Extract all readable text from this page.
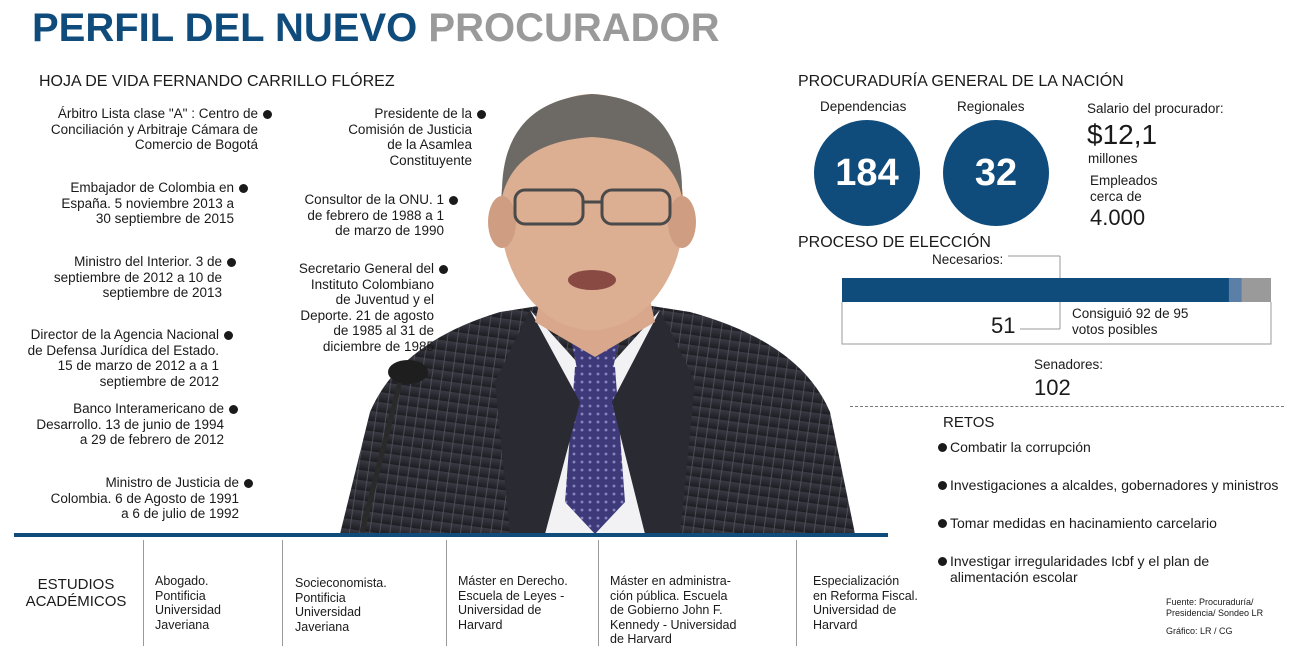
PERFIL DEL NUEVO PROCURADOR
HOJA DE VIDA FERNANDO CARRILLO FLÓREZ
Árbitro Lista clase "A" : Centro de
Conciliación y Arbitraje Cámara de
Comercio de Bogotá
Embajador de Colombia en
España. 5 noviembre 2013 a
30 septiembre de 2015
Ministro del Interior. 3 de
septiembre de 2012 a 10 de
septiembre de 2013
Director de la Agencia Nacional
de Defensa Jurídica del Estado.
15 de marzo de 2012 a a 1
septiembre de 2012
Banco Interamericano de
Desarrollo. 13 de junio de 1994
a 29 de febrero de 2012
Ministro de Justicia de
Colombia. 6 de Agosto de 1991
a 6 de julio de 1992
Presidente de la
Comisión de Justicia
de la Asamlea
Constituyente
Consultor de la ONU. 1
de febrero de 1988 a 1
de marzo de 1990
Secretario General del
Instituto Colombiano
de Juventud y el
Deporte. 21 de agosto
de 1985 al 31 de
diciembre de 1985
PROCURADURÍA GENERAL DE LA NACIÓN
Dependencias
184
Regionales
32
Salario del procurador:
$12,1
millones
Empleados
cerca de
4.000
PROCESO DE ELECCIÓN
Necesarios:
51	Consiguió 92 de 95
votos posibles
Senadores:
102
RETOS
Combatir la corrupción
Investigaciones a alcaldes, gobernadores y ministros
Tomar medidas en hacinamiento carcelario
Investigar irregularidades Icbf y el plan de
alimentación escolar
ESTUDIOS
ACADÉMICOS
Abogado.
Pontificia
Universidad
Javeriana
Socieconomista.
Pontificia
Universidad
Javeriana
Máster en Derecho.
Escuela de Leyes -
Universidad de
Harvard
Máster en administra-
ción pública. Escuela
de Gobierno John F.
Kennedy - Universidad
de Harvard
Especialización
en Reforma Fiscal.
Universidad de
Harvard
Fuente: Procuraduría/
Presidencia/ Sondeo LR
Gráfico: LR / CG
